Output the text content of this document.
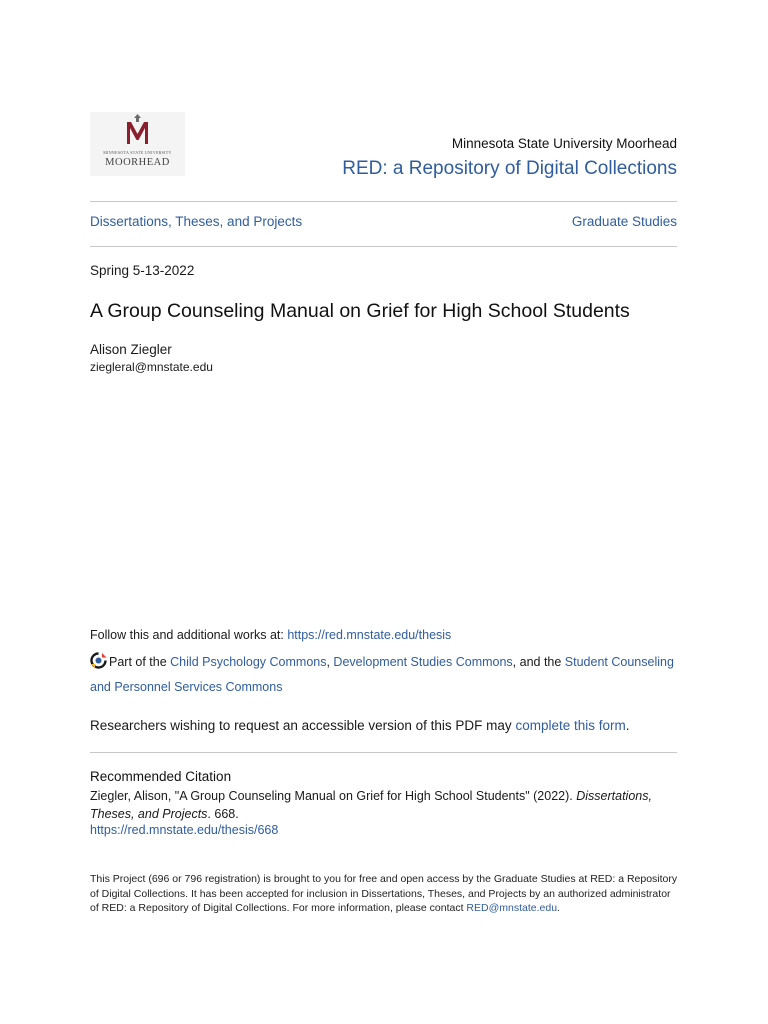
MINNESOTA STATE UNIVERSITY
MOORHEAD
Minnesota State University Moorhead
RED: a Repository of Digital Collections
Dissertations, Theses, and Projects	Graduate Studies
Spring 5-13-2022
A Group Counseling Manual on Grief for High School Students
Alison Ziegler
ziegleral@mnstate.edu
Follow this and additional works at: https://red.mnstate.edu/thesis
Part of the Child Psychology Commons, Development Studies Commons, and the Student Counseling and Personnel Services Commons
Researchers wishing to request an accessible version of this PDF may complete this form.
Recommended Citation
Ziegler, Alison, "A Group Counseling Manual on Grief for High School Students" (2022). Dissertations, Theses, and Projects. 668.
https://red.mnstate.edu/thesis/668
This Project (696 or 796 registration) is brought to you for free and open access by the Graduate Studies at RED: a Repository of Digital Collections. It has been accepted for inclusion in Dissertations, Theses, and Projects by an authorized administrator of RED: a Repository of Digital Collections. For more information, please contact RED@mnstate.edu.
